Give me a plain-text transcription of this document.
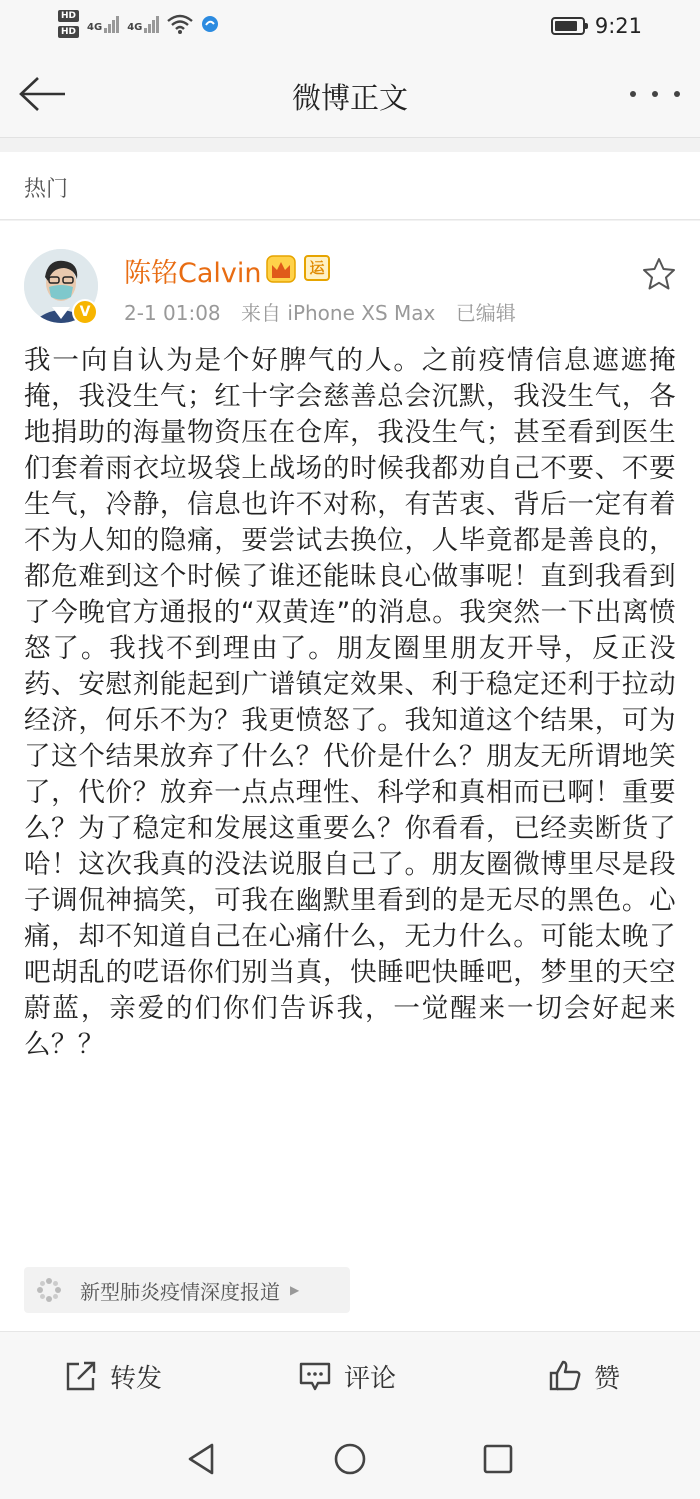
HD
HD	4G	4G	9:21
微博正文
热门
V
陈铭Calvin	运
2-1 01:08 来自 iPhone XS Max 已编辑
我一向自认为是个好脾气的人。之前疫情信息遮遮掩掩，我没生气；红十字会慈善总会沉默，我没生气，各地捐助的海量物资压在仓库，我没生气；甚至看到医生们套着雨衣垃圾袋上战场的时候我都劝自己不要、不要生气，冷静，信息也许不对称，有苦衷、背后一定有着不为人知的隐痛，要尝试去换位，人毕竟都是善良的，都危难到这个时候了谁还能昧良心做事呢！直到我看到了今晚官方通报的“双黄连”的消息。我突然一下出离愤怒了。我找不到理由了。朋友圈里朋友开导，反正没药、安慰剂能起到广谱镇定效果、利于稳定还利于拉动经济，何乐不为？我更愤怒了。我知道这个结果，可为了这个结果放弃了什么？代价是什么？朋友无所谓地笑了，代价？放弃一点点理性、科学和真相而已啊！重要么？为了稳定和发展这重要么？你看看，已经卖断货了哈！这次我真的没法说服自己了。朋友圈微博里尽是段子调侃神搞笑，可我在幽默里看到的是无尽的黑色。心痛，却不知道自己在心痛什么，无力什么。可能太晚了吧胡乱的呓语你们别当真，快睡吧快睡吧，梦里的天空蔚蓝，亲爱的们你们告诉我，一觉醒来一切会好起来么？？
新型肺炎疫情深度报道 ▶
转发	评论	赞
